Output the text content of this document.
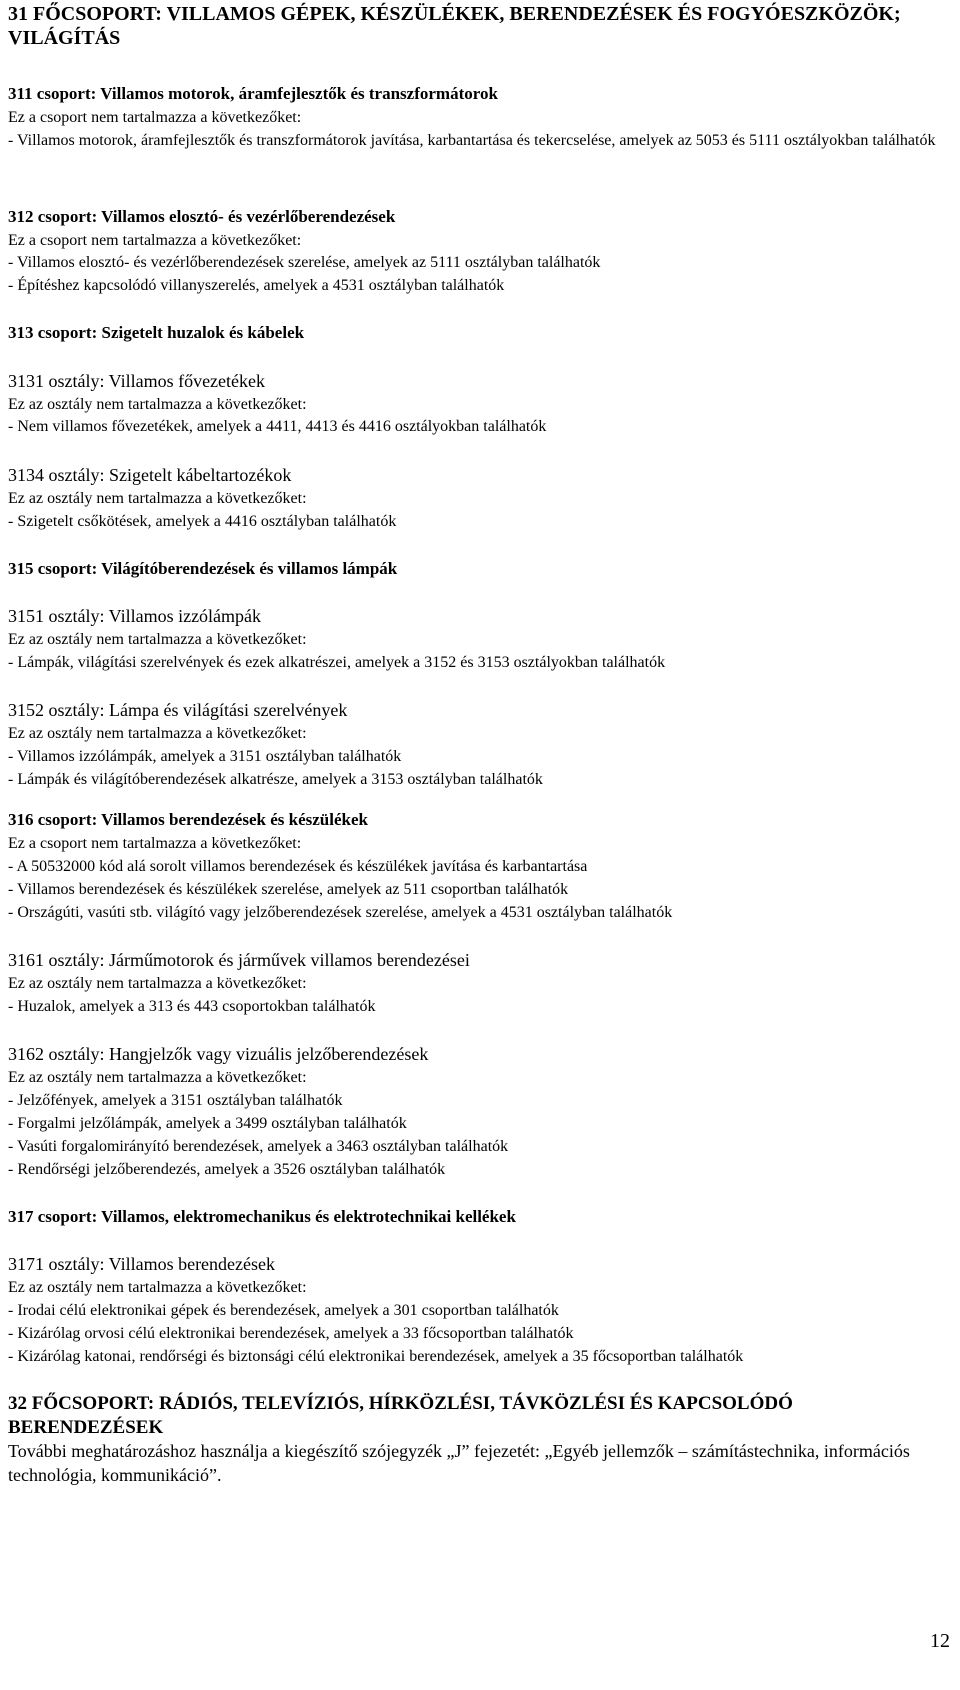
31 FŐCSOPORT: VILLAMOS GÉPEK, KÉSZÜLÉKEK, BERENDEZÉSEK ÉS FOGYÓESZKÖZÖK; VILÁGÍTÁS
311 csoport: Villamos motorok, áramfejlesztők és transzformátorok
Ez a csoport nem tartalmazza a következőket:
- Villamos motorok, áramfejlesztők és transzformátorok javítása, karbantartása és tekercselése, amelyek az 5053 és 5111 osztályokban találhatók
312 csoport: Villamos elosztó- és vezérlőberendezések
Ez a csoport nem tartalmazza a következőket:
- Villamos elosztó- és vezérlőberendezések szerelése, amelyek az 5111 osztályban találhatók
- Építéshez kapcsolódó villanyszerelés, amelyek a 4531 osztályban találhatók
313 csoport: Szigetelt huzalok és kábelek
3131 osztály: Villamos fővezetékek
Ez az osztály nem tartalmazza a következőket:
- Nem villamos fővezetékek, amelyek a 4411, 4413 és 4416 osztályokban találhatók
3134 osztály: Szigetelt kábeltartozékok
Ez az osztály nem tartalmazza a következőket:
- Szigetelt csőkötések, amelyek a 4416 osztályban találhatók
315 csoport: Világítóberendezések és villamos lámpák
3151 osztály: Villamos izzólámpák
Ez az osztály nem tartalmazza a következőket:
- Lámpák, világítási szerelvények és ezek alkatrészei, amelyek a 3152 és 3153 osztályokban találhatók
3152 osztály: Lámpa és világítási szerelvények
Ez az osztály nem tartalmazza a következőket:
- Villamos izzólámpák, amelyek a 3151 osztályban találhatók
- Lámpák és világítóberendezések alkatrésze, amelyek a 3153 osztályban találhatók
316 csoport: Villamos berendezések és készülékek
Ez a csoport nem tartalmazza a következőket:
- A 50532000 kód alá sorolt villamos berendezések és készülékek javítása és karbantartása
- Villamos berendezések és készülékek szerelése, amelyek az 511 csoportban találhatók
- Országúti, vasúti stb. világító vagy jelzőberendezések szerelése, amelyek a 4531 osztályban találhatók
3161 osztály: Járműmotorok és járművek villamos berendezései
Ez az osztály nem tartalmazza a következőket:
- Huzalok, amelyek a 313 és 443 csoportokban találhatók
3162 osztály: Hangjelzők vagy vizuális jelzőberendezések
Ez az osztály nem tartalmazza a következőket:
- Jelzőfények, amelyek a 3151 osztályban találhatók
- Forgalmi jelzőlámpák, amelyek a 3499 osztályban találhatók
- Vasúti forgalomirányító berendezések, amelyek a 3463 osztályban találhatók
- Rendőrségi jelzőberendezés, amelyek a 3526 osztályban találhatók
317 csoport: Villamos, elektromechanikus és elektrotechnikai kellékek
3171 osztály: Villamos berendezések
Ez az osztály nem tartalmazza a következőket:
- Irodai célú elektronikai gépek és berendezések, amelyek a 301 csoportban találhatók
- Kizárólag orvosi célú elektronikai berendezések, amelyek a 33 főcsoportban találhatók
- Kizárólag katonai, rendőrségi és biztonsági célú elektronikai berendezések, amelyek a 35 főcsoportban találhatók
32 FŐCSOPORT: RÁDIÓS, TELEVÍZIÓS, HÍRKÖZLÉSI, TÁVKÖZLÉSI ÉS KAPCSOLÓDÓ BERENDEZÉSEK
További meghatározáshoz használja a kiegészítő szójegyzék „J” fejezetét: „Egyéb jellemzők – számítástechnika, információs technológia, kommunikáció”.
12
